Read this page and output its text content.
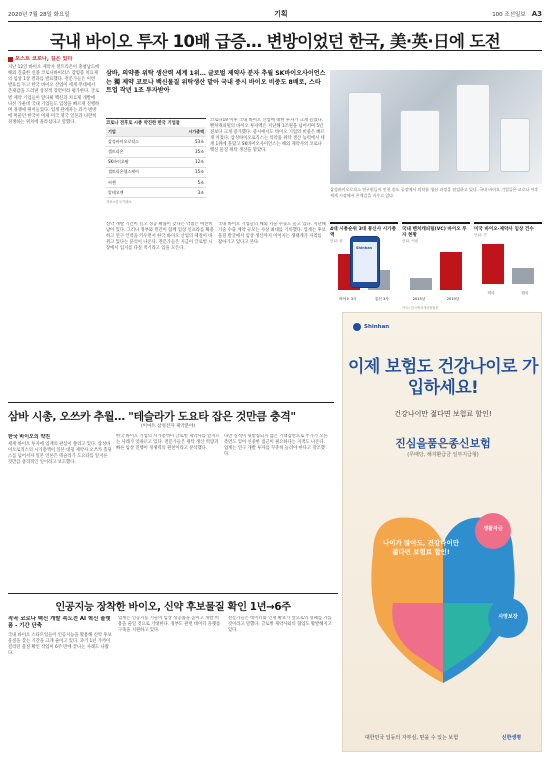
2020년 7월 28일 화요일	기획	100 조선일보 A3
국내 바이오 투자 10배 급증… 변방이었던 한국, 美·英·日에 도전
포스트 코로나, 길은 있다
지난 12일 바이오 제약사 셀트리온이 충청남도에 해외 진출한 신종 코로나바이러스 감염증 치료제의 임상 1상 결과를 발표했다. 전문가들은 이번 발표를 두고 한국 바이오 산업이 세계 무대에서 존재감을 드러낸 상징적 장면이라 평가한다. 글로벌 제약 기업들이 앞다퉈 백신과 치료제 개발에 나선 가운데 국내 기업들도 임상을 빠르게 진행하며 경쟁에 뛰어들었다. 업계 관계자는 과거 변방에 머물던 한국이 이제 미국 영국 일본과 나란히 경쟁하는 위치에 올라섰다고 말했다.
삼바, 의약품 위탁 생산력 세계 1위… 글로벌 제약사 분자 추월 SK바이오사이언스는 獨 제약 코로나 백신물질 위탁생산 맡아 국내 중시 바이오 비중도 8배로, 스타트업 작년 1조 투자받아
코로나 전후로 시총 약진한 한국 기업들
기업	시가총액
삼성바이오로직스	53조
셀트리온	35조
SK바이오팜	12조
셀트리온헬스케어	15조
씨젠	5조
알테오젠	3조
자료=한국거래소
코로나19 이후 국내 바이오 산업에 대한 투자가 크게 늘었다. 벤처캐피털의 바이오 투자액은 지난해 1조원을 넘어서며 5년 전보다 크게 증가했다. 증시에서도 바이오 기업의 비중은 빠르게 커졌다. 삼성바이오로직스는 의약품 위탁 생산 능력에서 세계 1위에 올랐고 SK바이오사이언스는 해외 제약사의 코로나 백신 물질 위탁 생산을 맡았다.
신약 개발 기간이 길고 성공 확률이 낮다는 약점은 여전히 남아 있다. 그러나 정부와 민간이 함께 임상 인프라를 확충하고 연구 인력을 키우면서 한국 바이오 산업의 체질이 바뀌고 있다는 분석이 나온다. 전문가들은 지금이 글로벌 시장에서 입지를 다질 적기라고 입을 모은다.
국내 바이오 기업들의 해외 기술 수출도 늘고 있다. 지난해 기술 수출 계약 규모는 사상 최대를 기록했다. 업계는 후보 물질 발굴에서 임상 생산까지 이어지는 생태계가 자리를 잡아가고 있다고 본다.
삼성바이오로직스 연구원들이 인천 송도 공장에서 의약품 생산 과정을 점검하고 있다. 국내 바이오 기업들은 코로나 이후 세계 시장에서 존재감을 키우고 있다.
4대 시총순위 3대 통신사 시가총액
단위: 원
바이오 3사	통신 3사
국내 벤처캐피털(VC) 바이오 투자 현황
단위: 억원
2015년	2019년
자료=한국벤처캐피탈협회
미국 바이오·제약사 임상 건수
단위: 건
미국	한국
삼바 시총, 오쓰카 추월… "테슬라가 도요타 잡은 것만큼 충격"
(이마트 삼성전자 제약분야)
한국 바이오의 약진
세계 바이오 투자에 업계의 관심이 쏠리고 있다. 삼성바이오로직스의 시가총액이 일본 대형 제약사 오쓰카 홀딩스를 넘어서자 일본 언론은 테슬라가 도요타를 앞지른 것만큼 충격적인 일이라고 보도했다.
한국 바이오 기업의 시가총액이 글로벌 제약사를 앞지르는 사례가 잇따르고 있다. 전문가들은 위탁 생산 역량과 빠른 임상 진행이 경쟁력의 원천이라고 분석했다.
다만 실적이 뒷받침되지 않은 기대감만으로 주가가 오른 측면도 있어 신중한 접근이 필요하다는 지적도 나온다. 업계는 연구 개발 투자를 꾸준히 늘려야 한다고 강조했다.
인공지능 장착한 바이오, 신약 후보물질 확인 1년→6주
작곡 코로나 백신 개발 속도전 AI 혁신 플랫폼 - 기간 단축
국내 바이오 스타트업들이 인공지능을 활용해 신약 후보물질을 찾는 기간을 크게 줄이고 있다. 과거 1년 가까이 걸리던 물질 확인 작업이 6주 만에 끝나는 사례도 나왔다.
업계는 인공지능 기술이 임상 성공률을 높이고 개발 비용을 줄일 것으로 기대한다. 정부도 관련 데이터 플랫폼 구축을 지원하고 있다.
전문가들은 데이터와 인재 확보가 앞으로의 성패를 가를 것이라고 말했다. 글로벌 제약사와의 협업도 활발해지고 있다.
Shinhan
이제 보험도 건강나이로 가입하세요!
건강나이만 젊다면 보험료 할인!
진심을품은종신보험
(무배당, 해지환급금 일부지급형)
나이가 많아도, 건강나이만 젊다면 보험료 할인!
생활자금
사망보장
대한민국 일등의 자부심, 믿을 수 있는 보험	신한생명
Shinhan
